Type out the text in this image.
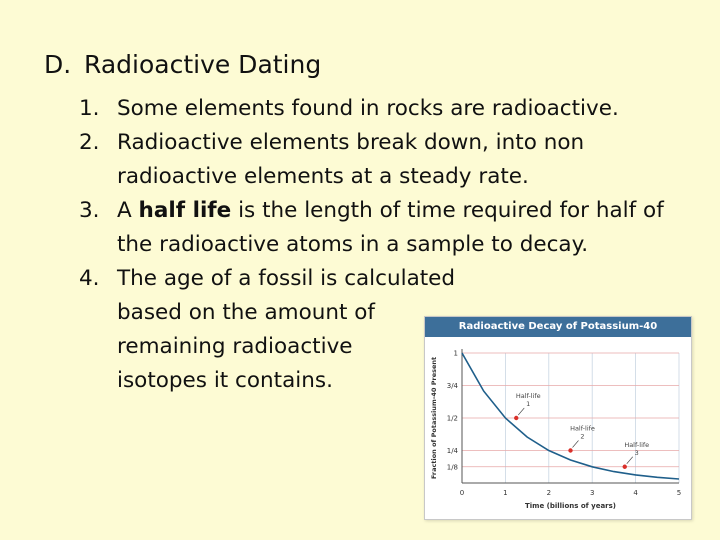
D. Radioactive Dating
1. Some elements found in rocks are radioactive.
2. Radioactive elements break down, into non radioactive elements at a steady rate.
3. A half life is the length of time required for half of the radioactive atoms in a sample to decay.
4. The age of a fossil is calculated
based on the amount of
remaining radioactive
isotopes it contains.
Radioactive Decay of Potassium-40
0	1	2	3	4	5
1
3/4
1/2
1/4
1/8
Time (billions of years)
Fraction of Potassium-40 Present	Half-life
1
Half-life
2
Half-life
3
